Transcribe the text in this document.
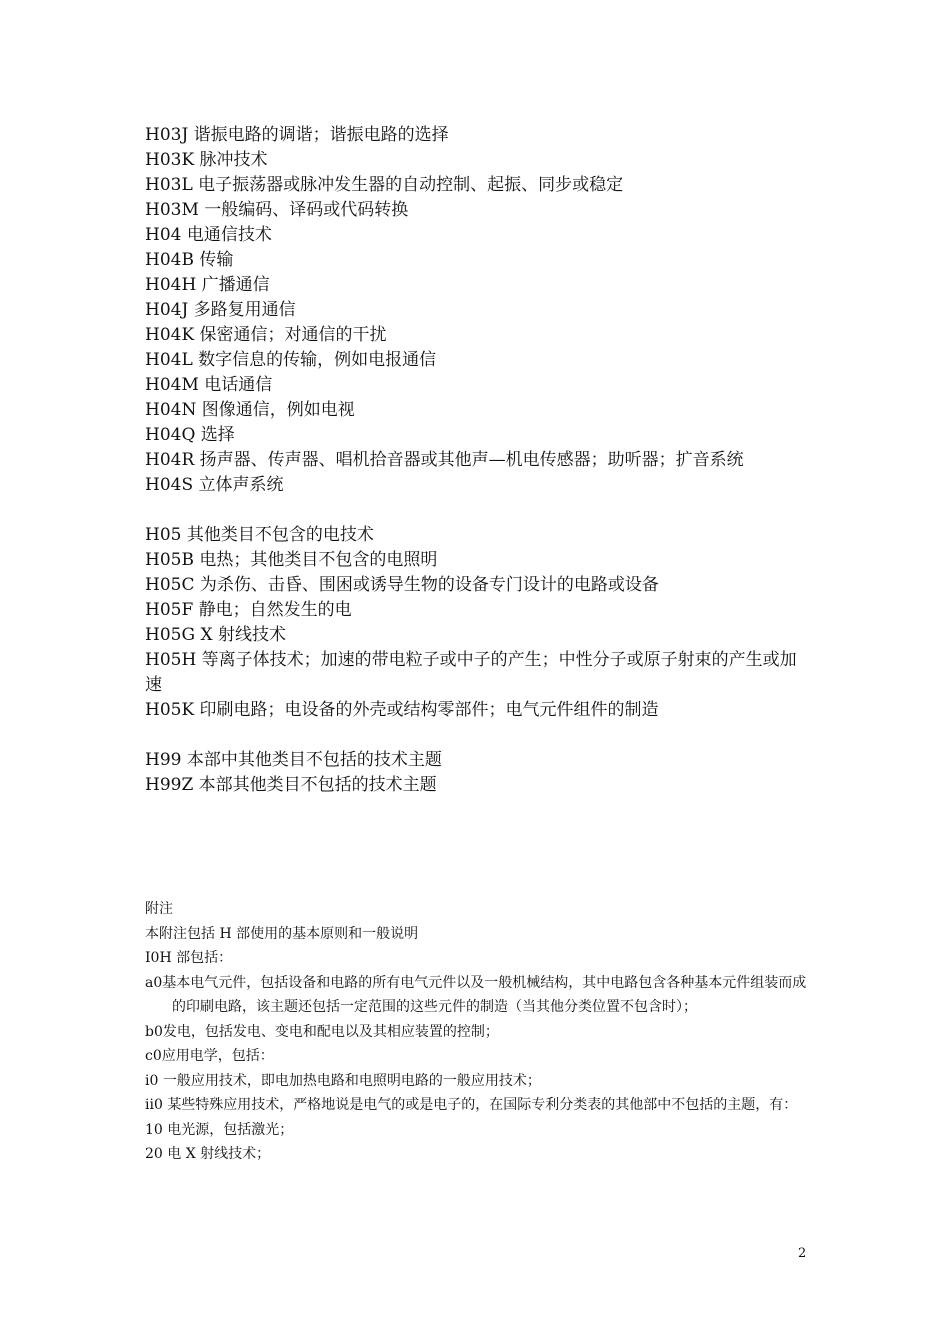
H03J 谐振电路的调谐；谐振电路的选择
H03K 脉冲技术
H03L 电子振荡器或脉冲发生器的自动控制、起振、同步或稳定
H03M 一般编码、译码或代码转换
H04 电通信技术
H04B 传输
H04H 广播通信
H04J 多路复用通信
H04K 保密通信；对通信的干扰
H04L 数字信息的传输，例如电报通信
H04M 电话通信
H04N 图像通信，例如电视
H04Q 选择
H04R 扬声器、传声器、唱机拾音器或其他声—机电传感器；助听器；扩音系统
H04S 立体声系统
H05 其他类目不包含的电技术
H05B 电热；其他类目不包含的电照明
H05C 为杀伤、击昏、围困或诱导生物的设备专门设计的电路或设备
H05F 静电；自然发生的电
H05G X 射线技术
H05H 等离子体技术；加速的带电粒子或中子的产生；中性分子或原子射束的产生或加速
H05K 印刷电路；电设备的外壳或结构零部件；电气元件组件的制造
H99 本部中其他类目不包括的技术主题
H99Z 本部其他类目不包括的技术主题
附注
本附注包括 H 部使用的基本原则和一般说明
Ⅰ0H 部包括：
a0基本电气元件，包括设备和电路的所有电气元件以及一般机械结构，其中电路包含各种基本元件组装而成的印刷电路，该主题还包括一定范围的这些元件的制造（当其他分类位置不包含时）；
b0发电，包括发电、变电和配电以及其相应装置的控制；
c0应用电学，包括：
i0 一般应用技术，即电加热电路和电照明电路的一般应用技术；
ii0 某些特殊应用技术，严格地说是电气的或是电子的，在国际专利分类表的其他部中不包括的主题，有：
10 电光源，包括激光；
20 电 X 射线技术；
2
